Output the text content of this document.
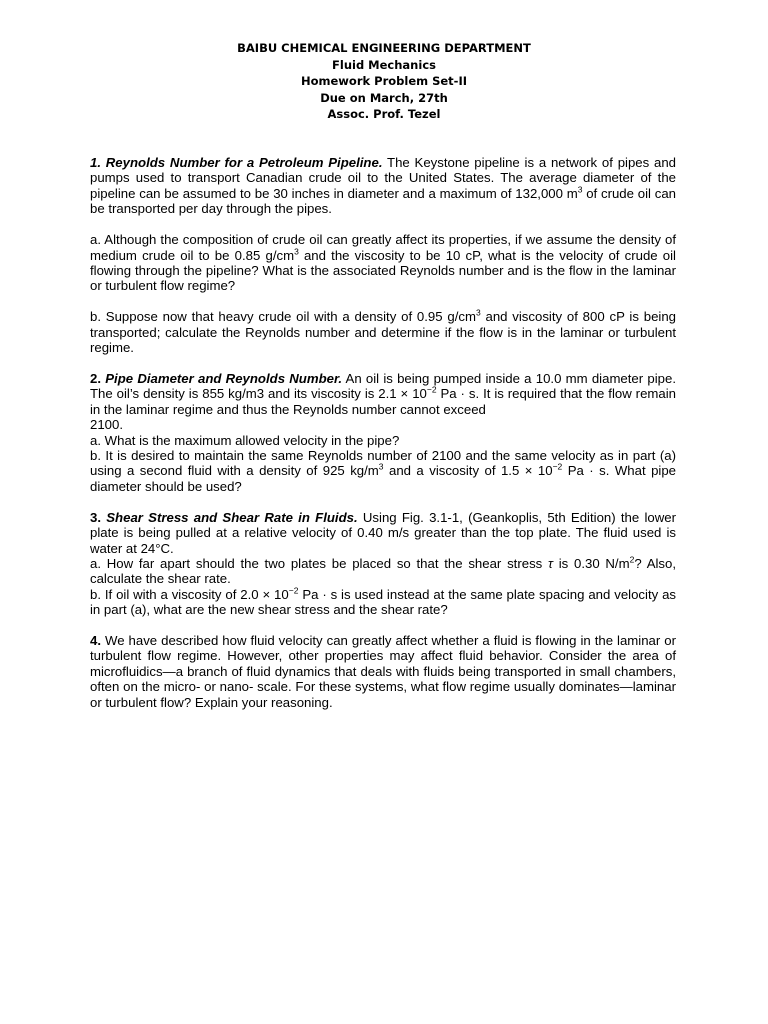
BAIBU CHEMICAL ENGINEERING DEPARTMENT
Fluid Mechanics
Homework Problem Set-II
Due on March, 27th
Assoc. Prof. Tezel

1. Reynolds Number for a Petroleum Pipeline. The Keystone pipeline is a network of pipes and pumps used to transport Canadian crude oil to the United States. The average diameter of the pipeline can be assumed to be 30 inches in diameter and a maximum of 132,000 $m^3$ of crude oil can be transported per day through the pipes.

a. Although the composition of crude oil can greatly affect its properties, if we assume the density of medium crude oil to be 0.85 $g/cm^3$ and the viscosity to be 10 cP, what is the velocity of crude oil flowing through the pipeline? What is the associated Reynolds number and is the flow in the laminar or turbulent flow regime?

b. Suppose now that heavy crude oil with a density of 0.95 $g/cm^3$ and viscosity of 800 cP is being transported; calculate the Reynolds number and determine if the flow is in the laminar or turbulent regime.

2. Pipe Diameter and Reynolds Number. An oil is being pumped inside a 10.0 mm diameter pipe. The oil’s density is 855 kg/m3 and its viscosity is $2.1 \times 10^{-2}$ Pa · s. It is required that the flow remain in the laminar regime and thus the Reynolds number cannot exceed

2100.

a. What is the maximum allowed velocity in the pipe?

b. It is desired to maintain the same Reynolds number of 2100 and the same velocity as in part (a) using a second fluid with a density of 925 $kg/m^3$ and a viscosity of $1.5 \times 10^{-2}$ Pa · s. What pipe diameter should be used?

3. Shear Stress and Shear Rate in Fluids. Using Fig. 3.1-1, (Geankoplis, 5th Edition) the lower plate is being pulled at a relative velocity of 0.40 m/s greater than the top plate. The fluid used is water at 24°C.

a. How far apart should the two plates be placed so that the shear stress τ is 0.30 $N/m^2$? Also, calculate the shear rate.

b. If oil with a viscosity of $2.0 \times 10^{-2}$ Pa · s is used instead at the same plate spacing and velocity as in part (a), what are the new shear stress and the shear rate?

4. We have described how fluid velocity can greatly affect whether a fluid is flowing in the laminar or turbulent flow regime. However, other properties may affect fluid behavior. Consider the area of microfluidics—a branch of fluid dynamics that deals with fluids being transported in small chambers, often on the micro- or nano- scale. For these systems, what flow regime usually dominates—laminar or turbulent flow? Explain your reasoning.
